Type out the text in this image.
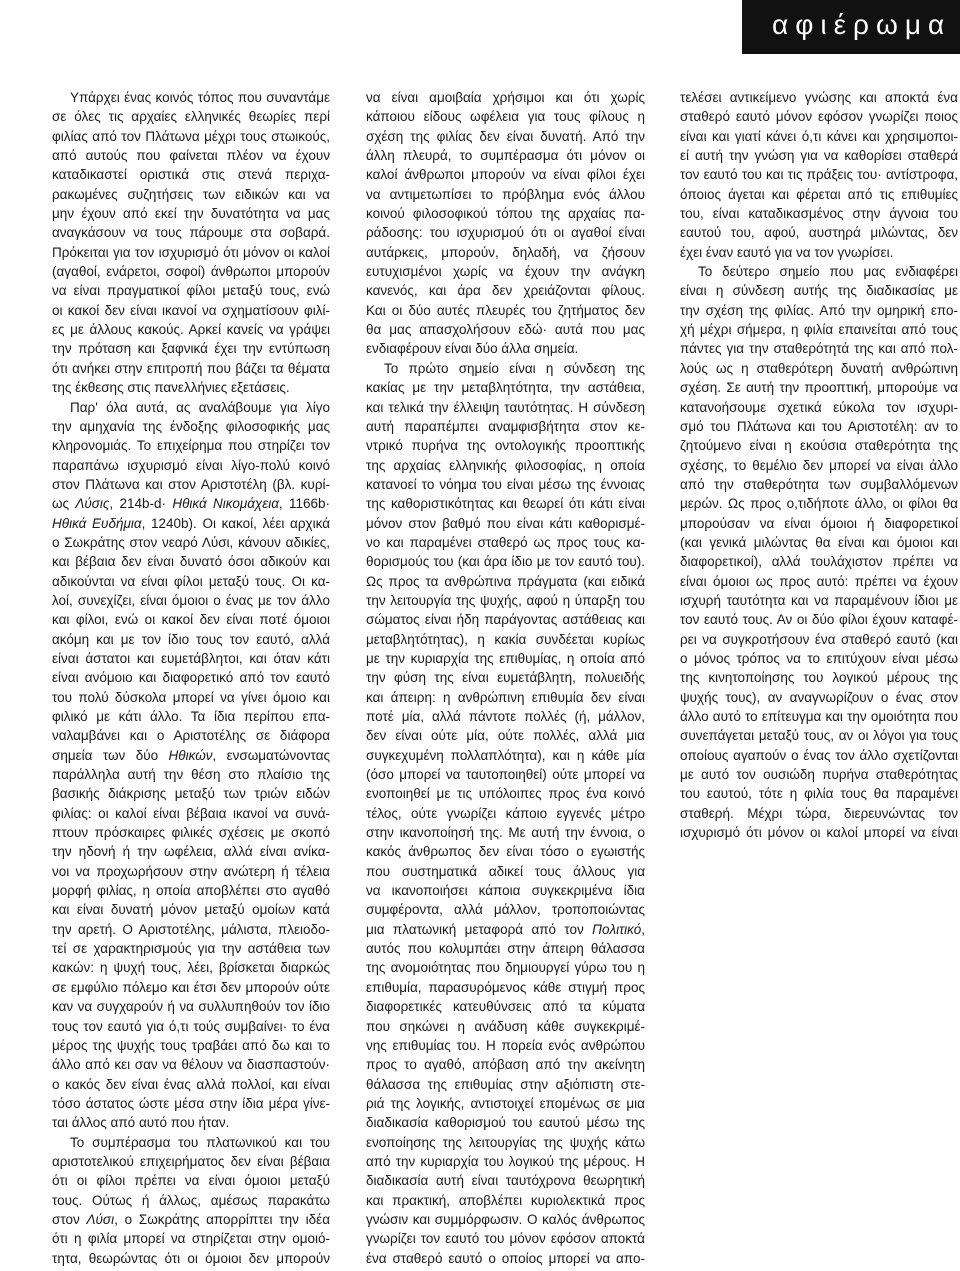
αφιέρωμα
Υπάρχει ένας κοινός τόπος που συναντάμε
σε όλες τις αρχαίες ελληνικές θεωρίες περί
φιλίας από τον Πλάτωνα μέχρι τους στωικούς,
από αυτούς που φαίνεται πλέον να έχουν
καταδικαστεί οριστικά στις στενά περιχα-
ρακωμένες συζητήσεις των ειδικών και να
μην έχουν από εκεί την δυνατότητα να μας
αναγκάσουν να τους πάρουμε στα σοβαρά.
Πρόκειται για τον ισχυρισμό ότι μόνον οι καλοί
(αγαθοί, ενάρετοι, σοφοί) άνθρωποι μπορούν
να είναι πραγματικοί φίλοι μεταξύ τους, ενώ
οι κακοί δεν είναι ικανοί να σχηματίσουν φιλί-
ες με άλλους κακούς. Αρκεί κανείς να γράψει
την πρόταση και ξαφνικά έχει την εντύπωση
ότι ανήκει στην επιτροπή που βάζει τα θέματα
της έκθεσης στις πανελλήνιες εξετάσεις.
Παρ' όλα αυτά, ας αναλάβουμε για λίγο
την αμηχανία της ένδοξης φιλοσοφικής μας
κληρονομιάς. Το επιχείρημα που στηρίζει τον
παραπάνω ισχυρισμό είναι λίγο-πολύ κοινό
στον Πλάτωνα και στον Αριστοτέλη (βλ. κυρί-
ως Λύσις, 214b-d· Ηθικά Νικομάχεια, 1166b·
Ηθικά Ευδήμια, 1240b). Οι κακοί, λέει αρχικά
ο Σωκράτης στον νεαρό Λύσι, κάνουν αδικίες,
και βέβαια δεν είναι δυνατό όσοι αδικούν και
αδικούνται να είναι φίλοι μεταξύ τους. Οι κα-
λοί, συνεχίζει, είναι όμοιοι ο ένας με τον άλλο
και φίλοι, ενώ οι κακοί δεν είναι ποτέ όμοιοι
ακόμη και με τον ίδιο τους τον εαυτό, αλλά
είναι άστατοι και ευμετάβλητοι, και όταν κάτι
είναι ανόμοιο και διαφορετικό από τον εαυτό
του πολύ δύσκολα μπορεί να γίνει όμοιο και
φιλικό με κάτι άλλο. Τα ίδια περίπου επα-
ναλαμβάνει και ο Αριστοτέλης σε διάφορα
σημεία των δύο Ηθικών, ενσωματώνοντας
παράλληλα αυτή την θέση στο πλαίσιο της
βασικής διάκρισης μεταξύ των τριών ειδών
φιλίας: οι καλοί είναι βέβαια ικανοί να συνά-
πτουν πρόσκαιρες φιλικές σχέσεις με σκοπό
την ηδονή ή την ωφέλεια, αλλά είναι ανίκα-
νοι να προχωρήσουν στην ανώτερη ή τέλεια
μορφή φιλίας, η οποία αποβλέπει στο αγαθό
και είναι δυνατή μόνον μεταξύ ομοίων κατά
την αρετή. Ο Αριστοτέλης, μάλιστα, πλειοδο-
τεί σε χαρακτηρισμούς για την αστάθεια των
κακών: η ψυχή τους, λέει, βρίσκεται διαρκώς
σε εμφύλιο πόλεμο και έτσι δεν μπορούν ούτε
καν να συγχαρούν ή να συλλυπηθούν τον ίδιο
τους τον εαυτό για ό,τι τούς συμβαίνει· το ένα
μέρος της ψυχής τους τραβάει από δω και το
άλλο από κει σαν να θέλουν να διασπαστούν·
ο κακός δεν είναι ένας αλλά πολλοί, και είναι
τόσο άστατος ώστε μέσα στην ίδια μέρα γίνε-
ται άλλος από αυτό που ήταν.
Το συμπέρασμα του πλατωνικού και του
αριστοτελικού επιχειρήματος δεν είναι βέβαια
ότι οι φίλοι πρέπει να είναι όμοιοι μεταξύ
τους. Ούτως ή άλλως, αμέσως παρακάτω
στον Λύσι, ο Σωκράτης απορρίπτει την ιδέα
ότι η φιλία μπορεί να στηρίζεται στην ομοιό-
τητα, θεωρώντας ότι οι όμοιοι δεν μπορούν
να είναι αμοιβαία χρήσιμοι και ότι χωρίς
κάποιου είδους ωφέλεια για τους φίλους η
σχέση της φιλίας δεν είναι δυνατή. Από την
άλλη πλευρά, το συμπέρασμα ότι μόνον οι
καλοί άνθρωποι μπορούν να είναι φίλοι έχει
να αντιμετωπίσει το πρόβλημα ενός άλλου
κοινού φιλοσοφικού τόπου της αρχαίας πα-
ράδοσης: του ισχυρισμού ότι οι αγαθοί είναι
αυτάρκεις, μπορούν, δηλαδή, να ζήσουν
ευτυχισμένοι χωρίς να έχουν την ανάγκη
κανενός, και άρα δεν χρειάζονται φίλους.
Και οι δύο αυτές πλευρές του ζητήματος δεν
θα μας απασχολήσουν εδώ· αυτά που μας
ενδιαφέρουν είναι δύο άλλα σημεία.
Το πρώτο σημείο είναι η σύνδεση της
κακίας με την μεταβλητότητα, την αστάθεια,
και τελικά την έλλειψη ταυτότητας. Η σύνδεση
αυτή παραπέμπει αναμφισβήτητα στον κε-
ντρικό πυρήνα της οντολογικής προοπτικής
της αρχαίας ελληνικής φιλοσοφίας, η οποία
κατανοεί το νόημα του είναι μέσω της έννοιας
της καθοριστικότητας και θεωρεί ότι κάτι είναι
μόνον στον βαθμό που είναι κάτι καθορισμέ-
νο και παραμένει σταθερό ως προς τους κα-
θορισμούς του (και άρα ίδιο με τον εαυτό του).
Ως προς τα ανθρώπινα πράγματα (και ειδικά
την λειτουργία της ψυχής, αφού η ύπαρξη του
σώματος είναι ήδη παράγοντας αστάθειας και
μεταβλητότητας), η κακία συνδέεται κυρίως
με την κυριαρχία της επιθυμίας, η οποία από
την φύση της είναι ευμετάβλητη, πολυειδής
και άπειρη: η ανθρώπινη επιθυμία δεν είναι
ποτέ μία, αλλά πάντοτε πολλές (ή, μάλλον,
δεν είναι ούτε μία, ούτε πολλές, αλλά μια
συγκεχυμένη πολλαπλότητα), και η κάθε μία
(όσο μπορεί να ταυτοποιηθεί) ούτε μπορεί να
ενοποιηθεί με τις υπόλοιπες προς ένα κοινό
τέλος, ούτε γνωρίζει κάποιο εγγενές μέτρο
στην ικανοποίησή της. Με αυτή την έννοια, ο
κακός άνθρωπος δεν είναι τόσο ο εγωιστής
που συστηματικά αδικεί τους άλλους για
να ικανοποιήσει κάποια συγκεκριμένα ίδια
συμφέροντα, αλλά μάλλον, τροποποιώντας
μια πλατωνική μεταφορά από τον Πολιτικό,
αυτός που κολυμπάει στην άπειρη θάλασσα
της ανομοιότητας που δημιουργεί γύρω του η
επιθυμία, παρασυρόμενος κάθε στιγμή προς
διαφορετικές κατευθύνσεις από τα κύματα
που σηκώνει η ανάδυση κάθε συγκεκριμέ-
νης επιθυμίας του. Η πορεία ενός ανθρώπου
προς το αγαθό, απόβαση από την ακείνητη
θάλασσα της επιθυμίας στην αξιόπιστη στε-
ριά της λογικής, αντιστοιχεί επομένως σε μια
διαδικασία καθορισμού του εαυτού μέσω της
ενοποίησης της λειτουργίας της ψυχής κάτω
από την κυριαρχία του λογικού της μέρους. Η
διαδικασία αυτή είναι ταυτόχρονα θεωρητική
και πρακτική, αποβλέπει κυριολεκτικά προς
γνώσιν και συμμόρφωσιν. Ο καλός άνθρωπος
γνωρίζει τον εαυτό του μόνον εφόσον αποκτά
ένα σταθερό εαυτό ο οποίος μπορεί να απο-
τελέσει αντικείμενο γνώσης και αποκτά ένα
σταθερό εαυτό μόνον εφόσον γνωρίζει ποιος
είναι και γιατί κάνει ό,τι κάνει και χρησιμοποι-
εί αυτή την γνώση για να καθορίσει σταθερά
τον εαυτό του και τις πράξεις του· αντίστροφα,
όποιος άγεται και φέρεται από τις επιθυμίες
του, είναι καταδικασμένος στην άγνοια του
εαυτού του, αφού, αυστηρά μιλώντας, δεν
έχει έναν εαυτό για να τον γνωρίσει.
Το δεύτερο σημείο που μας ενδιαφέρει
είναι η σύνδεση αυτής της διαδικασίας με
την σχέση της φιλίας. Από την ομηρική επο-
χή μέχρι σήμερα, η φιλία επαινείται από τους
πάντες για την σταθερότητά της και από πολ-
λούς ως η σταθερότερη δυνατή ανθρώπινη
σχέση. Σε αυτή την προοπτική, μπορούμε να
κατανοήσουμε σχετικά εύκολα τον ισχυρι-
σμό του Πλάτωνα και του Αριστοτέλη: αν το
ζητούμενο είναι η εκούσια σταθερότητα της
σχέσης, το θεμέλιο δεν μπορεί να είναι άλλο
από την σταθερότητα των συμβαλλόμενων
μερών. Ως προς ο,τιδήποτε άλλο, οι φίλοι θα
μπορούσαν να είναι όμοιοι ή διαφορετικοί
(και γενικά μιλώντας θα είναι και όμοιοι και
διαφορετικοί), αλλά τουλάχιστον πρέπει να
είναι όμοιοι ως προς αυτό: πρέπει να έχουν
ισχυρή ταυτότητα και να παραμένουν ίδιοι με
τον εαυτό τους. Αν οι δύο φίλοι έχουν καταφέ-
ρει να συγκροτήσουν ένα σταθερό εαυτό (και
ο μόνος τρόπος να το επιτύχουν είναι μέσω
της κινητοποίησης του λογικού μέρους της
ψυχής τους), αν αναγνωρίζουν ο ένας στον
άλλο αυτό το επίτευγμα και την ομοιότητα που
συνεπάγεται μεταξύ τους, αν οι λόγοι για τους
οποίους αγαπούν ο ένας τον άλλο σχετίζονται
με αυτό τον ουσιώδη πυρήνα σταθερότητας
του εαυτού, τότε η φιλία τους θα παραμένει
σταθερή. Μέχρι τώρα, διερευνώντας τον
ισχυρισμό ότι μόνον οι καλοί μπορεί να είναι
